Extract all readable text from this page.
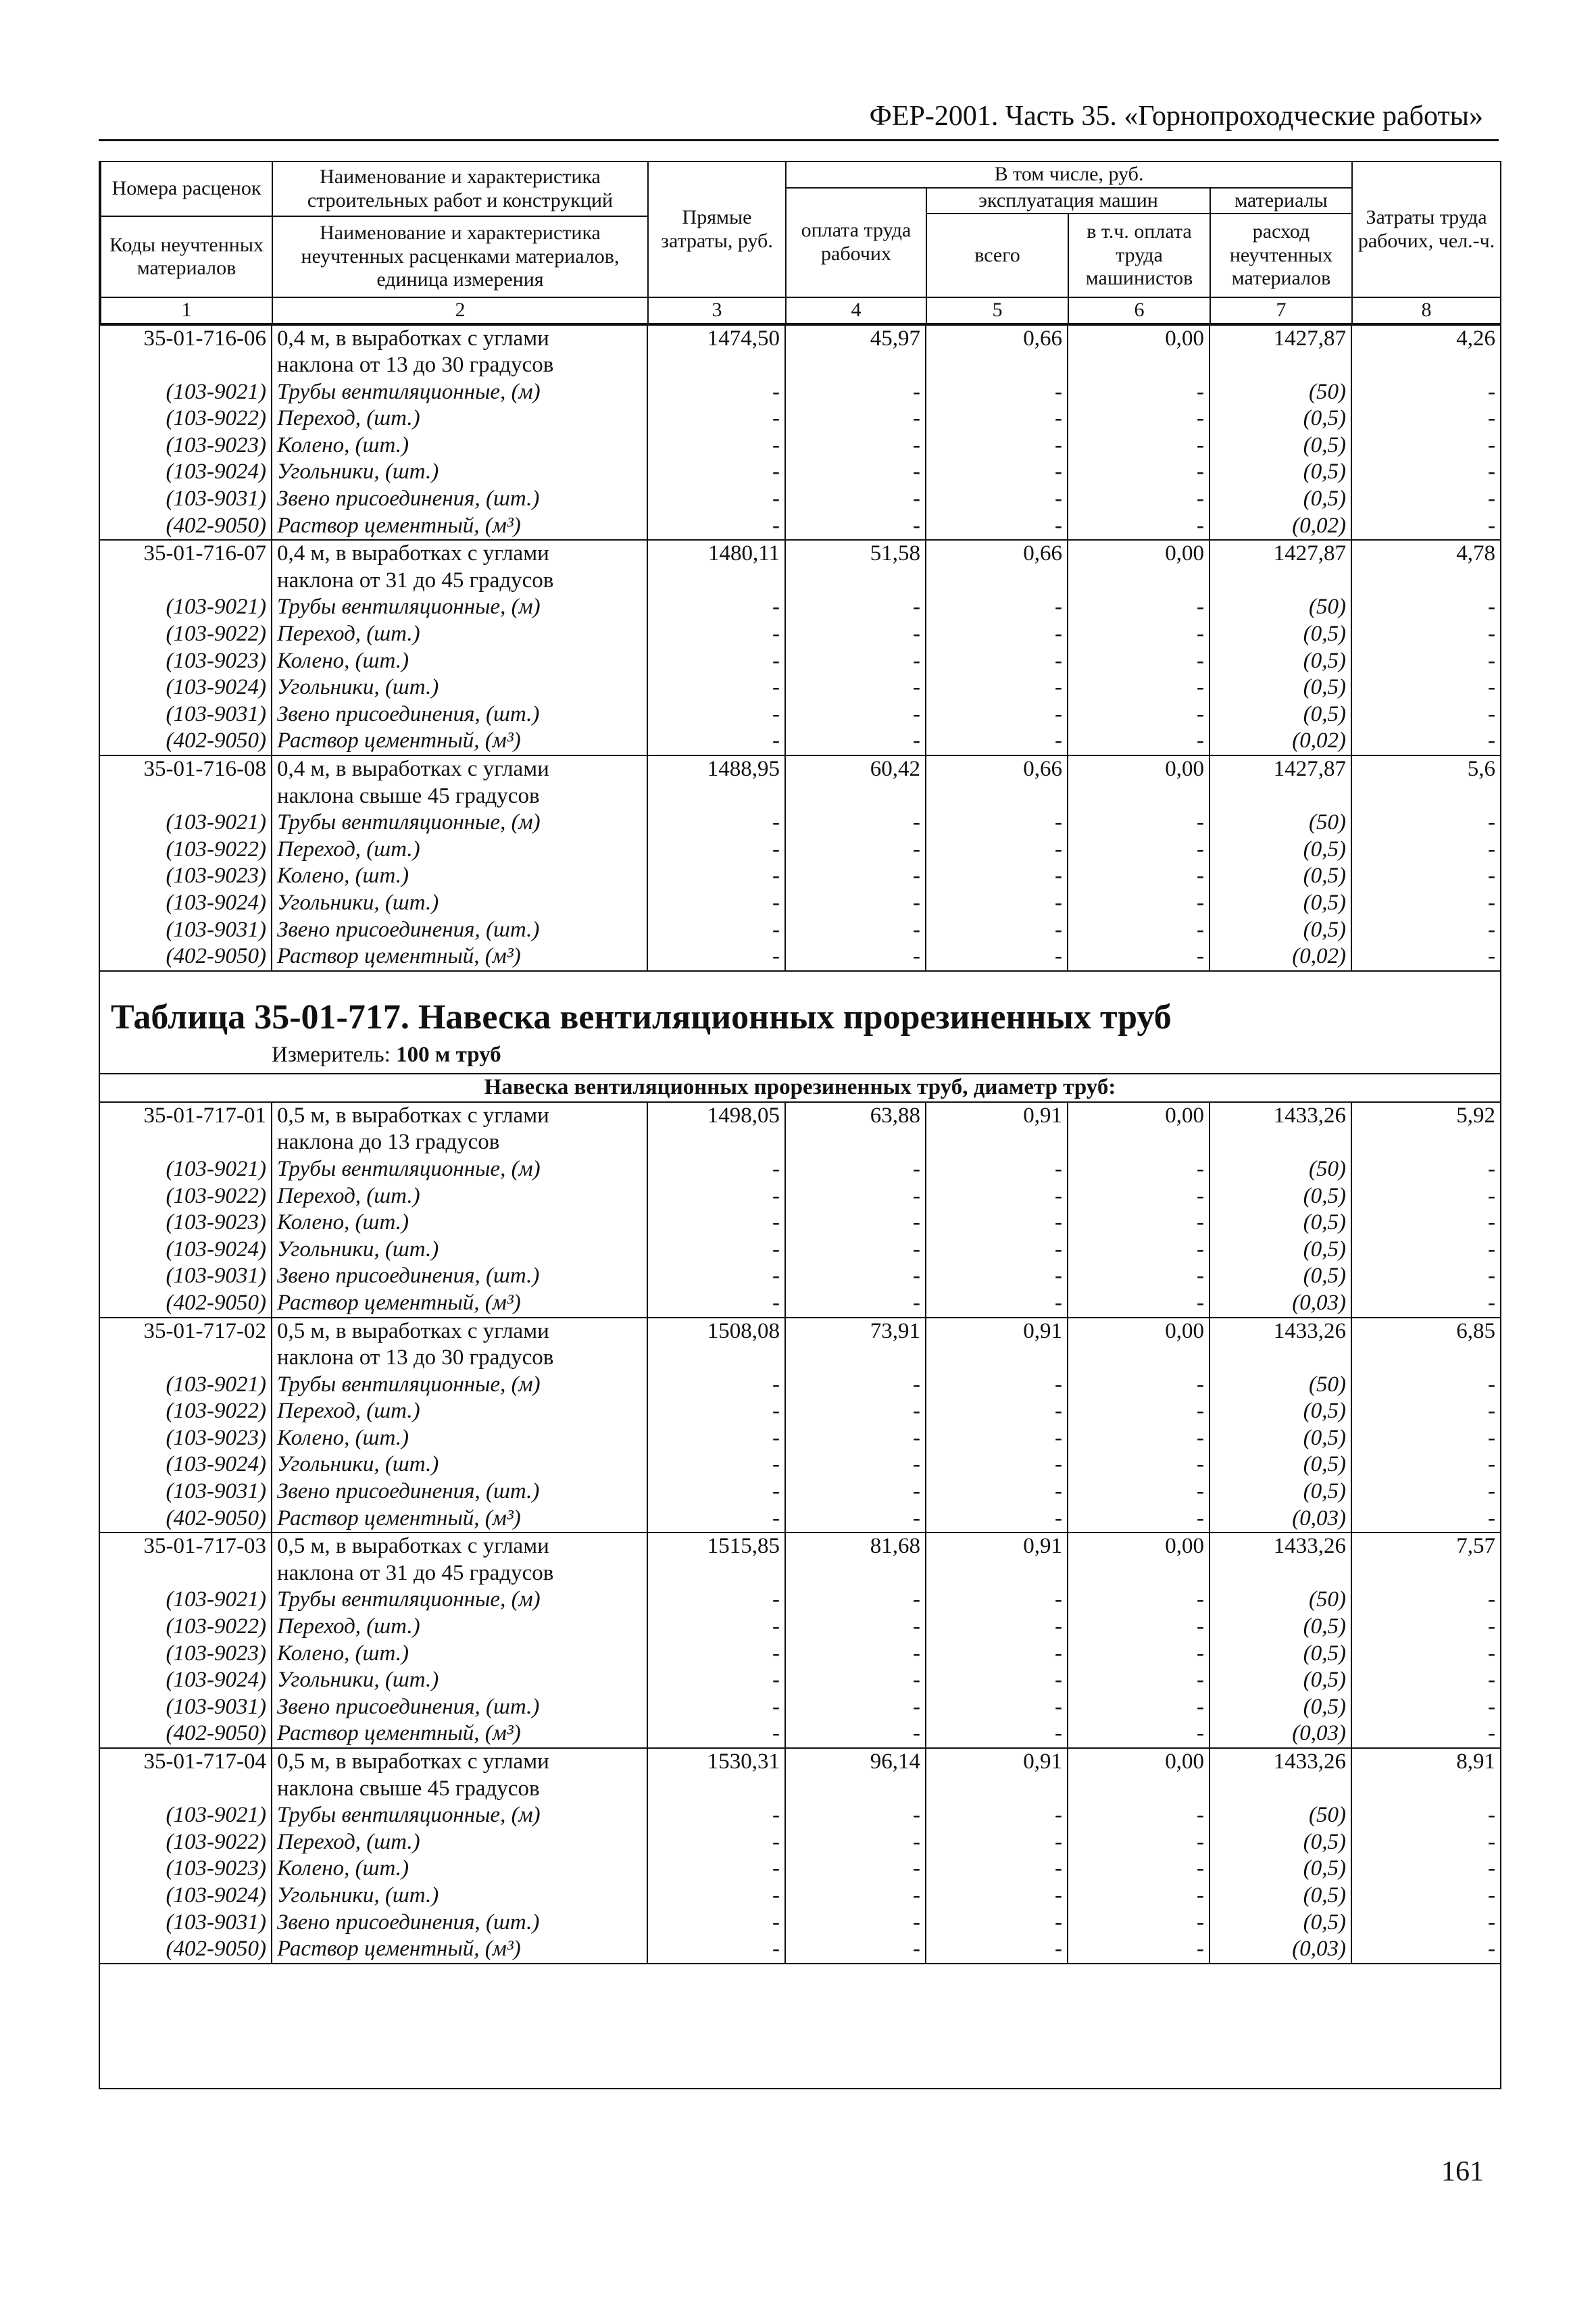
ФЕР-2001. Часть 35. «Горнопроходческие работы»
Номера расценок	Наименование и характеристика строительных работ и конструкций	Прямые затраты, руб.	В том числе, руб.				Затраты труда рабочих, чел.-ч.
			оплата труда рабочих	эксплуатация машин		материалы	
				всего	в т.ч. оплата труда машинистов	расход неучтенных материалов	
Коды неучтенных материалов	Наименование и характеристика неучтенных расценками материалов, единица измерения						

1	2	3	4	5	6	7	8
35-01-716-06	0,4 м, в выработках с углами	1474,50	45,97	0,66	0,00	1427,87	4,26
	наклона от 13 до 30 градусов						
(103-9021)	Трубы вентиляционные, (м)	-	-	-	-	(50)	-
(103-9022)	Переход, (шт.)	-	-	-	-	(0,5)	-
(103-9023)	Колено, (шт.)	-	-	-	-	(0,5)	-
(103-9024)	Угольники, (шт.)	-	-	-	-	(0,5)	-
(103-9031)	Звено присоединения, (шт.)	-	-	-	-	(0,5)	-
(402-9050)	Раствор цементный, (м³)	-	-	-	-	(0,02)	-
35-01-716-07	0,4 м, в выработках с углами	1480,11	51,58	0,66	0,00	1427,87	4,78
	наклона от 31 до 45 градусов						
(103-9021)	Трубы вентиляционные, (м)	-	-	-	-	(50)	-
(103-9022)	Переход, (шт.)	-	-	-	-	(0,5)	-
(103-9023)	Колено, (шт.)	-	-	-	-	(0,5)	-
(103-9024)	Угольники, (шт.)	-	-	-	-	(0,5)	-
(103-9031)	Звено присоединения, (шт.)	-	-	-	-	(0,5)	-
(402-9050)	Раствор цементный, (м³)	-	-	-	-	(0,02)	-
35-01-716-08	0,4 м, в выработках с углами	1488,95	60,42	0,66	0,00	1427,87	5,6
	наклона свыше 45 градусов						
(103-9021)	Трубы вентиляционные, (м)	-	-	-	-	(50)	-
(103-9022)	Переход, (шт.)	-	-	-	-	(0,5)	-
(103-9023)	Колено, (шт.)	-	-	-	-	(0,5)	-
(103-9024)	Угольники, (шт.)	-	-	-	-	(0,5)	-
(103-9031)	Звено присоединения, (шт.)	-	-	-	-	(0,5)	-
(402-9050)	Раствор цементный, (м³)	-	-	-	-	(0,02)	-
Таблица 35-01-717. Навеска вентиляционных прорезиненных труб
Измеритель: 100 м труб
Навеска вентиляционных прорезиненных труб, диаметр труб:
35-01-717-01	0,5 м, в выработках с углами	1498,05	63,88	0,91	0,00	1433,26	5,92
	наклона до 13 градусов						
(103-9021)	Трубы вентиляционные, (м)	-	-	-	-	(50)	-
(103-9022)	Переход, (шт.)	-	-	-	-	(0,5)	-
(103-9023)	Колено, (шт.)	-	-	-	-	(0,5)	-
(103-9024)	Угольники, (шт.)	-	-	-	-	(0,5)	-
(103-9031)	Звено присоединения, (шт.)	-	-	-	-	(0,5)	-
(402-9050)	Раствор цементный, (м³)	-	-	-	-	(0,03)	-
35-01-717-02	0,5 м, в выработках с углами	1508,08	73,91	0,91	0,00	1433,26	6,85
	наклона от 13 до 30 градусов						
(103-9021)	Трубы вентиляционные, (м)	-	-	-	-	(50)	-
(103-9022)	Переход, (шт.)	-	-	-	-	(0,5)	-
(103-9023)	Колено, (шт.)	-	-	-	-	(0,5)	-
(103-9024)	Угольники, (шт.)	-	-	-	-	(0,5)	-
(103-9031)	Звено присоединения, (шт.)	-	-	-	-	(0,5)	-
(402-9050)	Раствор цементный, (м³)	-	-	-	-	(0,03)	-
35-01-717-03	0,5 м, в выработках с углами	1515,85	81,68	0,91	0,00	1433,26	7,57
	наклона от 31 до 45 градусов						
(103-9021)	Трубы вентиляционные, (м)	-	-	-	-	(50)	-
(103-9022)	Переход, (шт.)	-	-	-	-	(0,5)	-
(103-9023)	Колено, (шт.)	-	-	-	-	(0,5)	-
(103-9024)	Угольники, (шт.)	-	-	-	-	(0,5)	-
(103-9031)	Звено присоединения, (шт.)	-	-	-	-	(0,5)	-
(402-9050)	Раствор цементный, (м³)	-	-	-	-	(0,03)	-
35-01-717-04	0,5 м, в выработках с углами	1530,31	96,14	0,91	0,00	1433,26	8,91
	наклона свыше 45 градусов						
(103-9021)	Трубы вентиляционные, (м)	-	-	-	-	(50)	-
(103-9022)	Переход, (шт.)	-	-	-	-	(0,5)	-
(103-9023)	Колено, (шт.)	-	-	-	-	(0,5)	-
(103-9024)	Угольники, (шт.)	-	-	-	-	(0,5)	-
(103-9031)	Звено присоединения, (шт.)	-	-	-	-	(0,5)	-
(402-9050)	Раствор цементный, (м³)	-	-	-	-	(0,03)	-
161
